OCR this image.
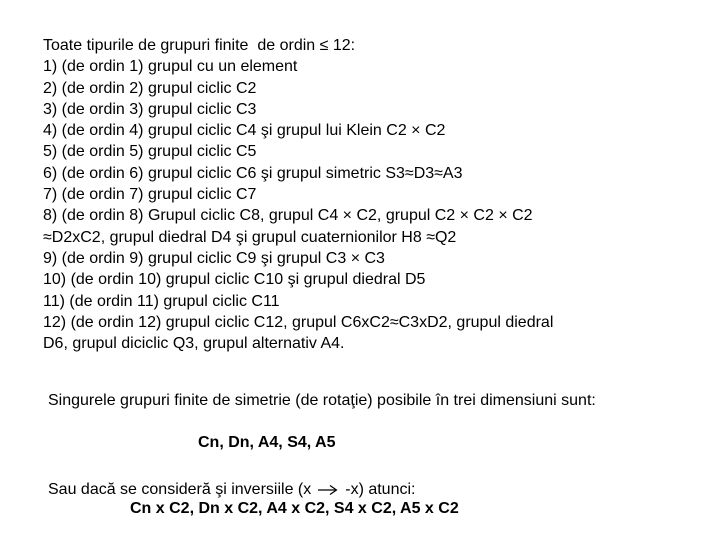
Toate tipurile de grupuri finite  de ordin ≤ 12:
1) (de ordin 1) grupul cu un element
2) (de ordin 2) grupul ciclic C2
3) (de ordin 3) grupul ciclic C3
4) (de ordin 4) grupul ciclic C4 şi grupul lui Klein C2 × C2
5) (de ordin 5) grupul ciclic C5
6) (de ordin 6) grupul ciclic C6 şi grupul simetric S3≈D3≈A3
7) (de ordin 7) grupul ciclic C7
8) (de ordin 8) Grupul ciclic C8, grupul C4 × C2, grupul C2 × C2 × C2
≈D2xC2, grupul diedral D4 şi grupul cuaternionilor H8 ≈Q2
9) (de ordin 9) grupul ciclic C9 şi grupul C3 × C3
10) (de ordin 10) grupul ciclic C10 şi grupul diedral D5
11) (de ordin 11) grupul ciclic C11
12) (de ordin 12) grupul ciclic C12, grupul C6xC2≈C3xD2, grupul diedral
D6, grupul diciclic Q3, grupul alternativ A4.
Singurele grupuri finite de simetrie (de rotaţie) posibile în trei dimensiuni sunt:
Cn, Dn, A4, S4, A5
Sau dacă se consideră şi inversiile (x -x) atunci:
Cn x C2, Dn x C2, A4 x C2, S4 x C2, A5 x C2
